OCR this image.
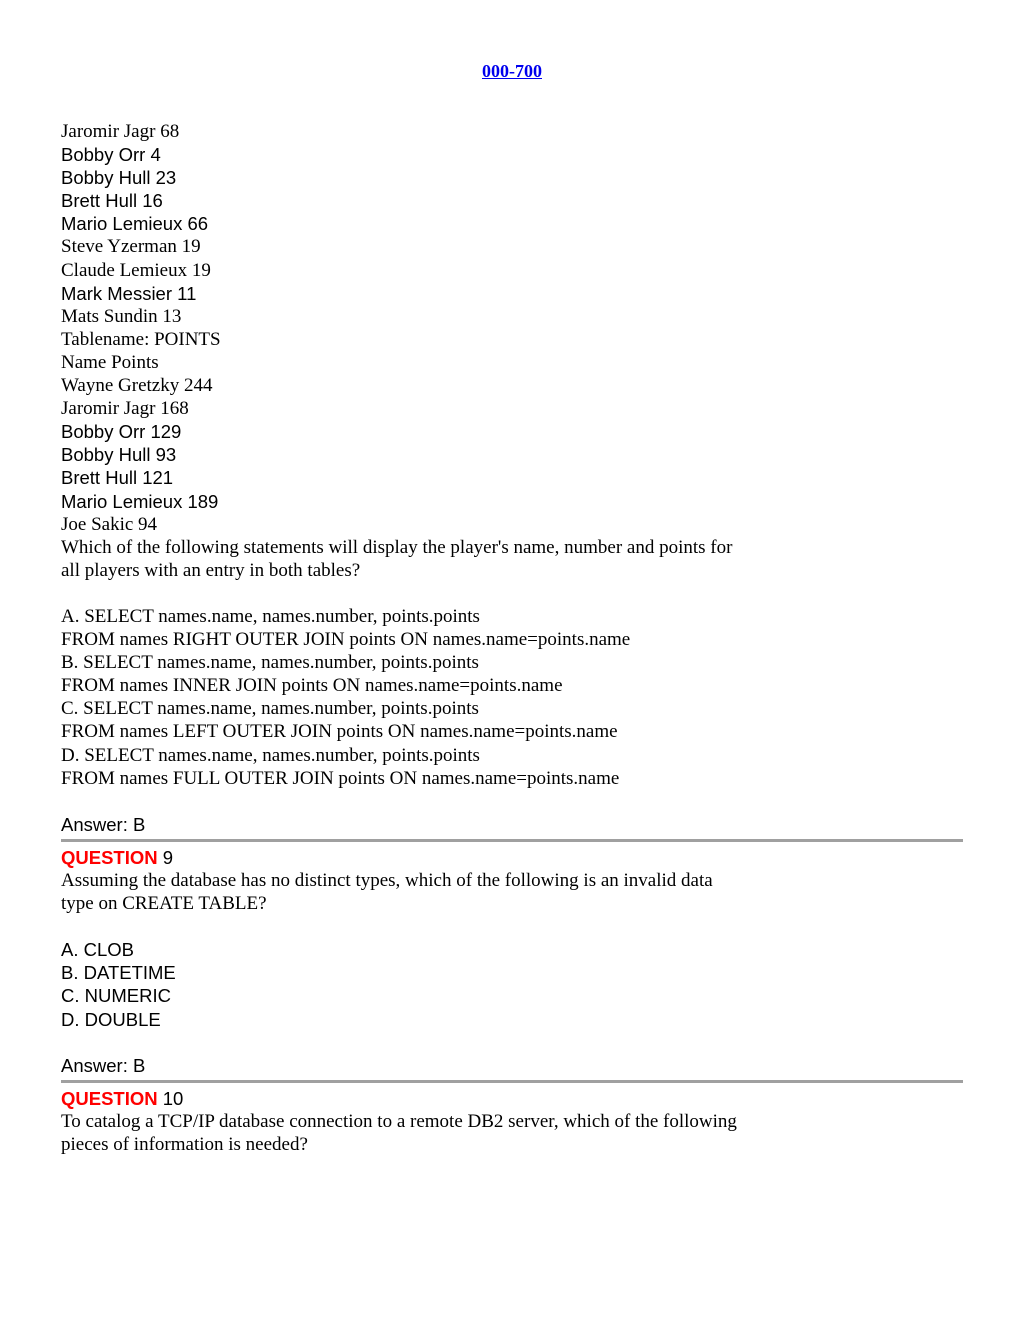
000-700
Jaromir Jagr 68
Bobby Orr 4
Bobby Hull 23
Brett Hull 16
Mario Lemieux 66
Steve Yzerman 19
Claude Lemieux 19
Mark Messier 11
Mats Sundin 13
Tablename: POINTS
Name Points
Wayne Gretzky 244
Jaromir Jagr 168
Bobby Orr 129
Bobby Hull 93
Brett Hull 121
Mario Lemieux 189
Joe Sakic 94
Which of the following statements will display the player's name, number and points for
all players with an entry in both tables?
A. SELECT names.name, names.number, points.points
FROM names RIGHT OUTER JOIN points ON names.name=points.name
B. SELECT names.name, names.number, points.points
FROM names INNER JOIN points ON names.name=points.name
C. SELECT names.name, names.number, points.points
FROM names LEFT OUTER JOIN points ON names.name=points.name
D. SELECT names.name, names.number, points.points
FROM names FULL OUTER JOIN points ON names.name=points.name
Answer: B
QUESTION 9
Assuming the database has no distinct types, which of the following is an invalid data
type on CREATE TABLE?
A. CLOB
B. DATETIME
C. NUMERIC
D. DOUBLE
Answer: B
QUESTION 10
To catalog a TCP/IP database connection to a remote DB2 server, which of the following
pieces of information is needed?
